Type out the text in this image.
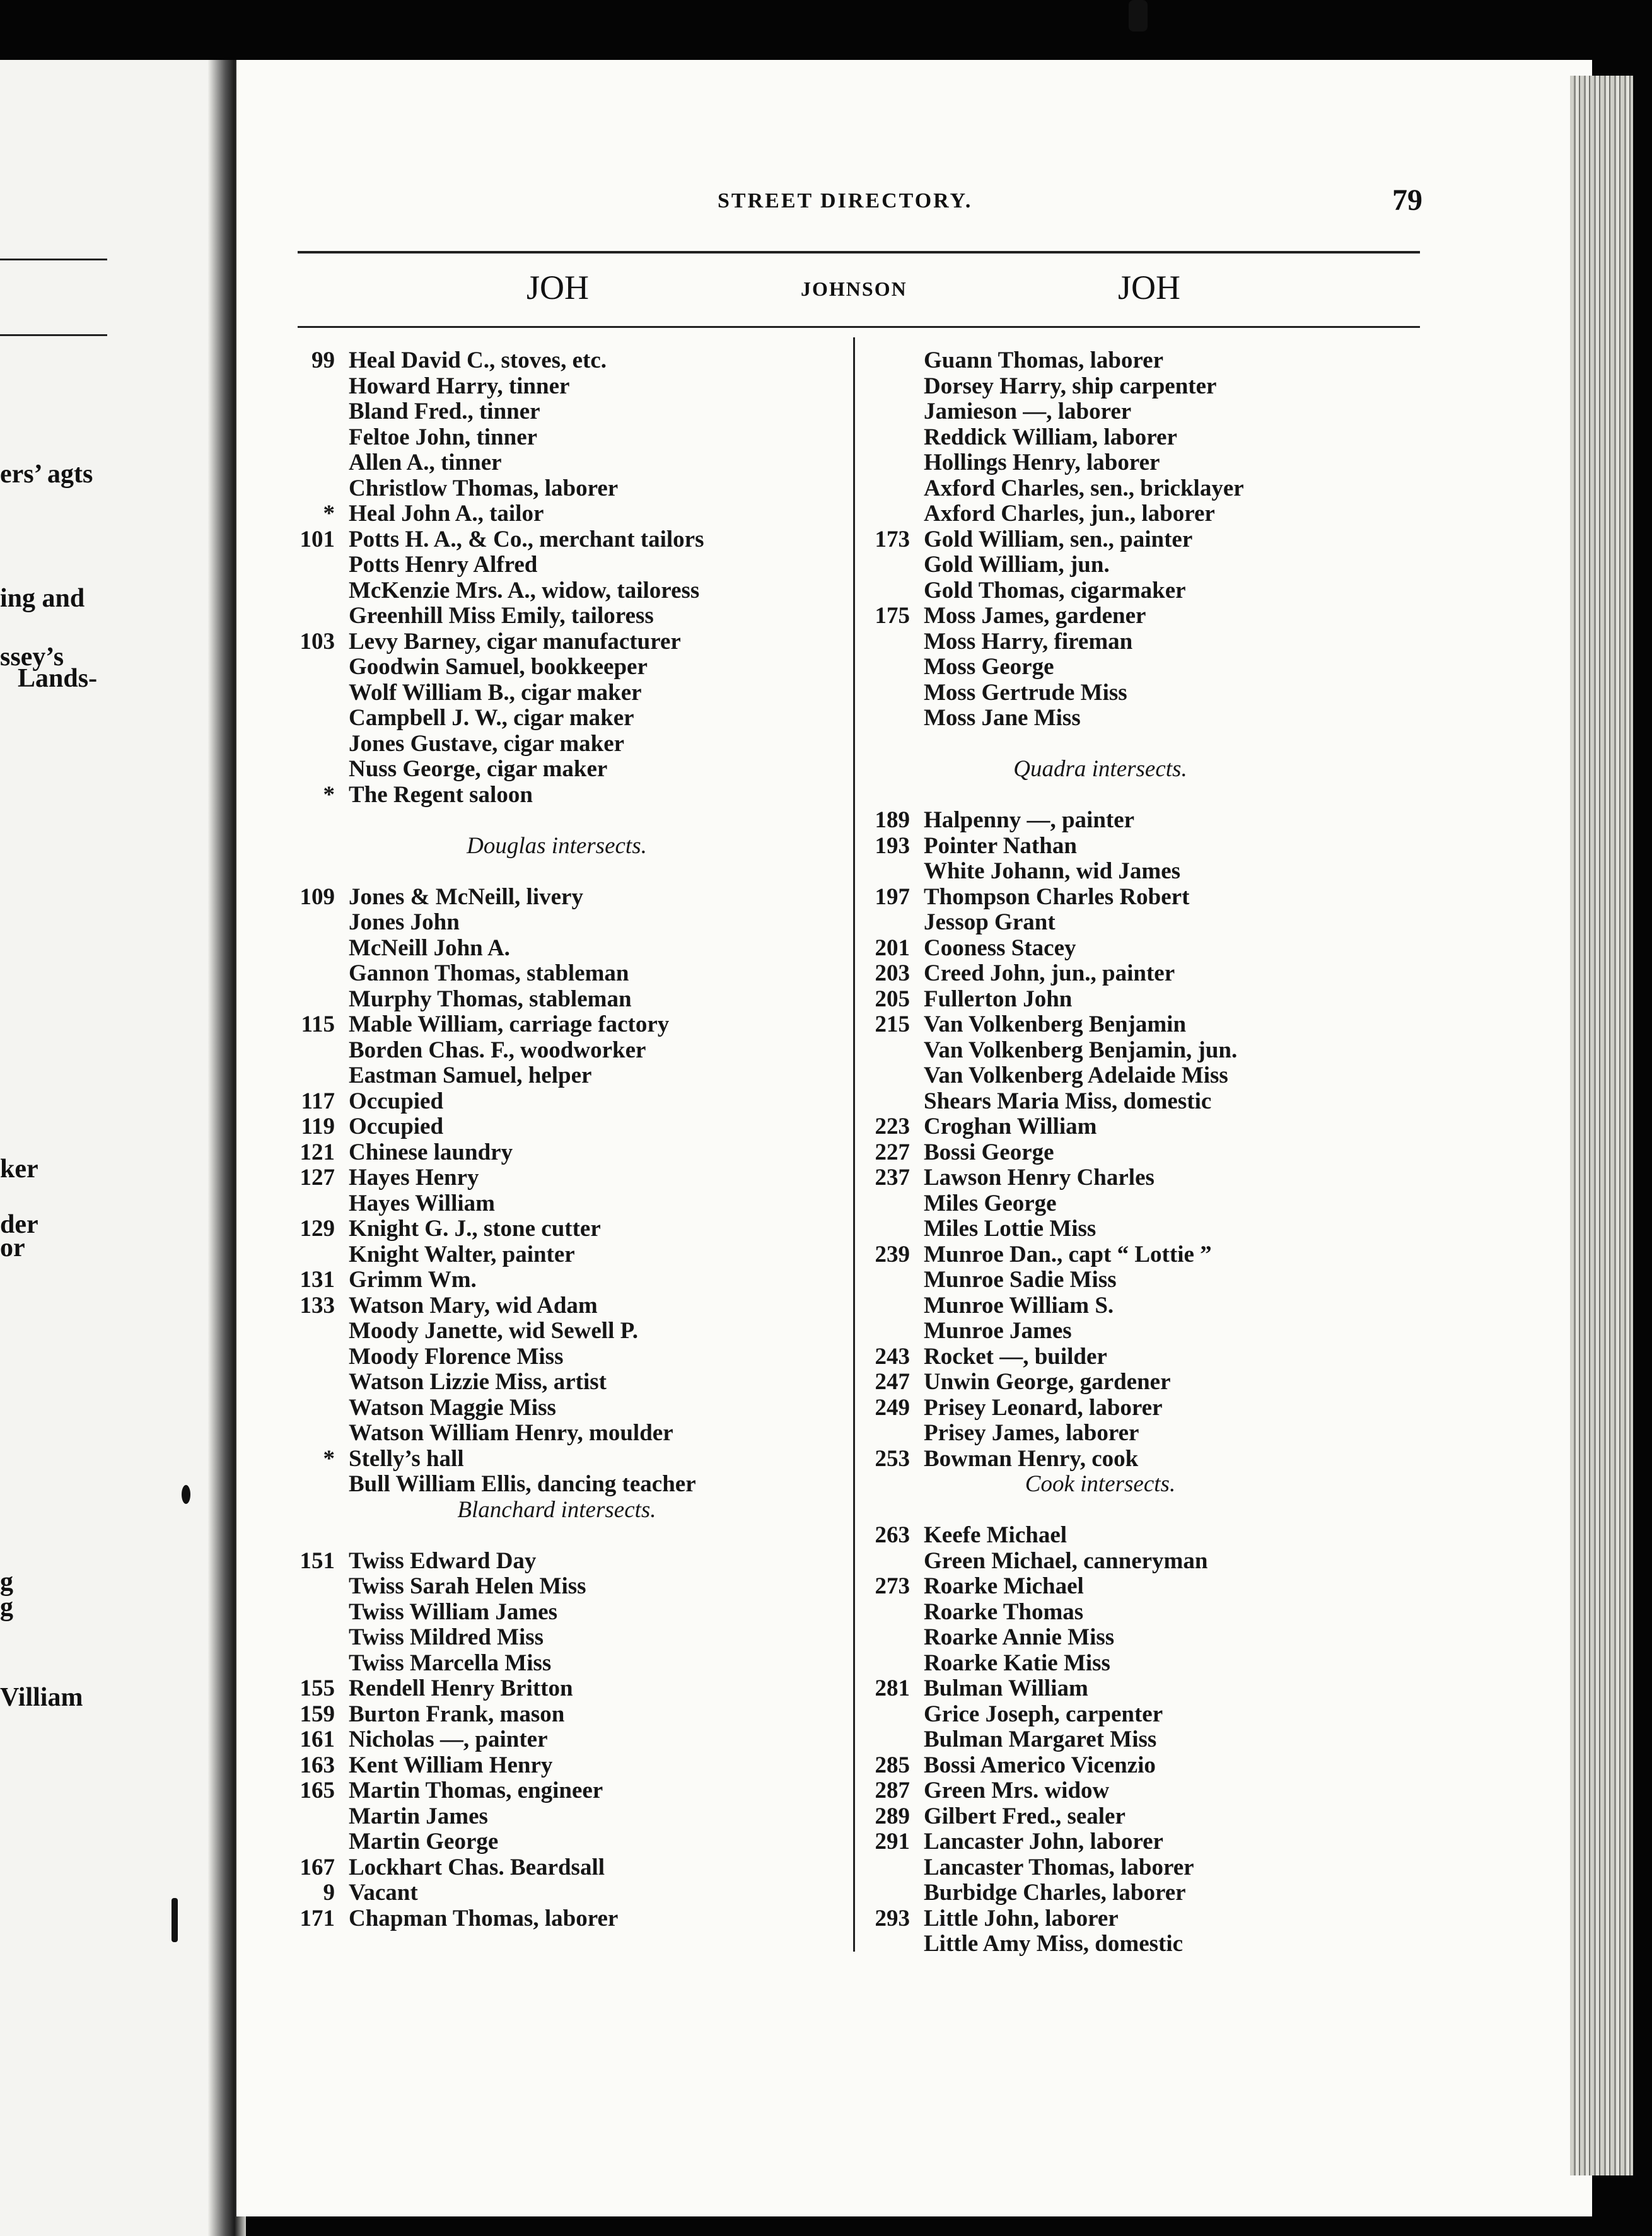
ers’ agts
ing and
ssey’s
Lands-
ker
der
or
g
g
Villiam
STREET DIRECTORY.	79
JOH	JOHNSON	JOH
99 Heal David C., stoves, etc.
Howard Harry, tinner
Bland Fred., tinner
Feltoe John, tinner
Allen A., tinner
Christlow Thomas, laborer
* Heal John A., tailor
101 Potts H. A., & Co., merchant tailors
Potts Henry Alfred
McKenzie Mrs. A., widow, tailoress
Greenhill Miss Emily, tailoress
103 Levy Barney, cigar manufacturer
Goodwin Samuel, bookkeeper
Wolf William B., cigar maker
Campbell J. W., cigar maker
Jones Gustave, cigar maker
Nuss George, cigar maker
* The Regent saloon
Douglas intersects.
109 Jones & McNeill, livery
Jones John
McNeill John A.
Gannon Thomas, stableman
Murphy Thomas, stableman
115 Mable William, carriage factory
Borden Chas. F., woodworker
Eastman Samuel, helper
117 Occupied
119 Occupied
121 Chinese laundry
127 Hayes Henry
Hayes William
129 Knight G. J., stone cutter
Knight Walter, painter
131 Grimm Wm.
133 Watson Mary, wid Adam
Moody Janette, wid Sewell P.
Moody Florence Miss
Watson Lizzie Miss, artist
Watson Maggie Miss
Watson William Henry, moulder
* Stelly’s hall
Bull William Ellis, dancing teacher
Blanchard intersects.
151 Twiss Edward Day
Twiss Sarah Helen Miss
Twiss William James
Twiss Mildred Miss
Twiss Marcella Miss
155 Rendell Henry Britton
159 Burton Frank, mason
161 Nicholas —, painter
163 Kent William Henry
165 Martin Thomas, engineer
Martin James
Martin George
167 Lockhart Chas. Beardsall
9 Vacant
171 Chapman Thomas, laborer
Guann Thomas, laborer
Dorsey Harry, ship carpenter
Jamieson —, laborer
Reddick William, laborer
Hollings Henry, laborer
Axford Charles, sen., bricklayer
Axford Charles, jun., laborer
173 Gold William, sen., painter
Gold William, jun.
Gold Thomas, cigarmaker
175 Moss James, gardener
Moss Harry, fireman
Moss George
Moss Gertrude Miss
Moss Jane Miss
Quadra intersects.
189 Halpenny —, painter
193 Pointer Nathan
White Johann, wid James
197 Thompson Charles Robert
Jessop Grant
201 Cooness Stacey
203 Creed John, jun., painter
205 Fullerton John
215 Van Volkenberg Benjamin
Van Volkenberg Benjamin, jun.
Van Volkenberg Adelaide Miss
Shears Maria Miss, domestic
223 Croghan William
227 Bossi George
237 Lawson Henry Charles
Miles George
Miles Lottie Miss
239 Munroe Dan., capt “ Lottie ”
Munroe Sadie Miss
Munroe William S.
Munroe James
243 Rocket —, builder
247 Unwin George, gardener
249 Prisey Leonard, laborer
Prisey James, laborer
253 Bowman Henry, cook
Cook intersects.
263 Keefe Michael
Green Michael, canneryman
273 Roarke Michael
Roarke Thomas
Roarke Annie Miss
Roarke Katie Miss
281 Bulman William
Grice Joseph, carpenter
Bulman Margaret Miss
285 Bossi Americo Vicenzio
287 Green Mrs. widow
289 Gilbert Fred., sealer
291 Lancaster John, laborer
Lancaster Thomas, laborer
Burbidge Charles, laborer
293 Little John, laborer
Little Amy Miss, domestic
